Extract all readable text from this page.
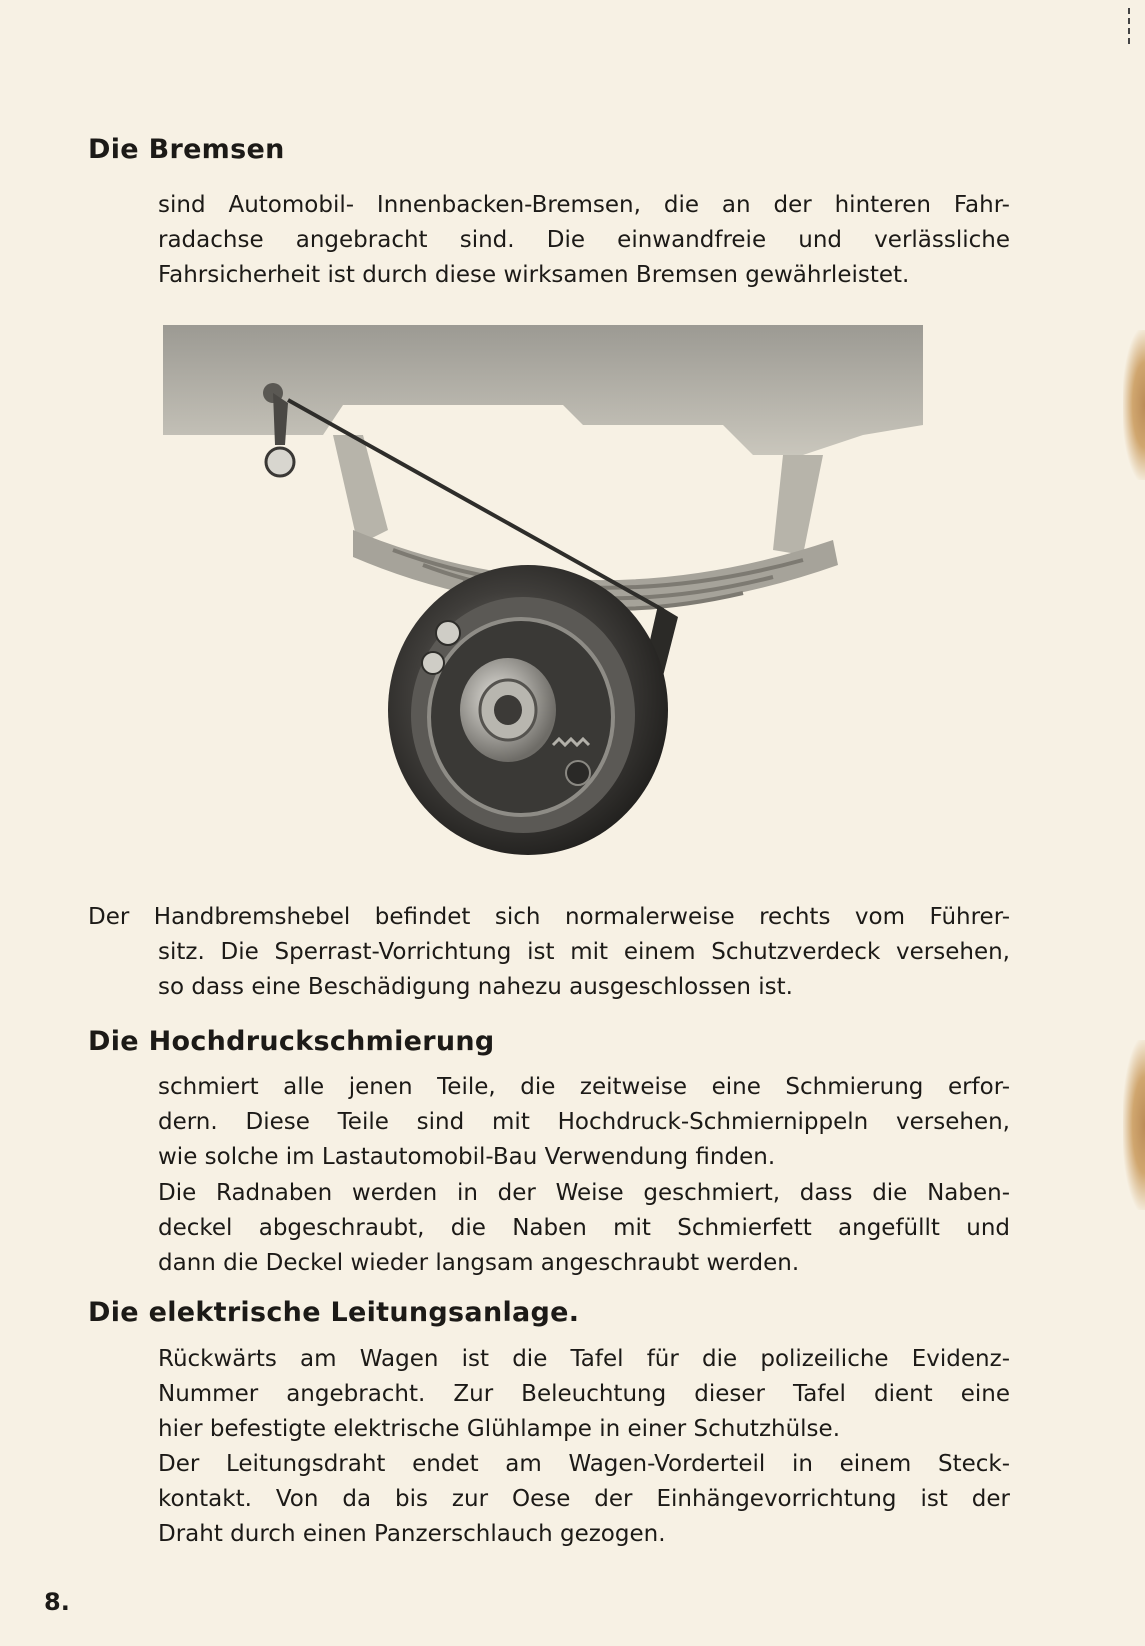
Die Bremsen

sind Automobil- Innenbacken-Bremsen, die an der hinteren Fahr-
radachse angebracht sind. Die einwandfreie und verlässliche
Fahrsicherheit ist durch diese wirksamen Bremsen gewährleistet.

Der Handbremshebel befindet sich normalerweise rechts vom Führer-
sitz. Die Sperrast-Vorrichtung ist mit einem Schutzverdeck versehen,
so dass eine Beschädigung nahezu ausgeschlossen ist.

Die Hochdruckschmierung

schmiert alle jenen Teile, die zeitweise eine Schmierung erfor-
dern. Diese Teile sind mit Hochdruck-Schmiernippeln versehen,
wie solche im Lastautomobil-Bau Verwendung finden.

Die Radnaben werden in der Weise geschmiert, dass die Naben-
deckel abgeschraubt, die Naben mit Schmierfett angefüllt und
dann die Deckel wieder langsam angeschraubt werden.

Die elektrische Leitungsanlage.

Rückwärts am Wagen ist die Tafel für die polizeiliche Evidenz-
Nummer angebracht. Zur Beleuchtung dieser Tafel dient eine
hier befestigte elektrische Glühlampe in einer Schutzhülse.

Der Leitungsdraht endet am Wagen-Vorderteil in einem Steck-
kontakt. Von da bis zur Oese der Einhängevorrichtung ist der
Draht durch einen Panzerschlauch gezogen.

8.
